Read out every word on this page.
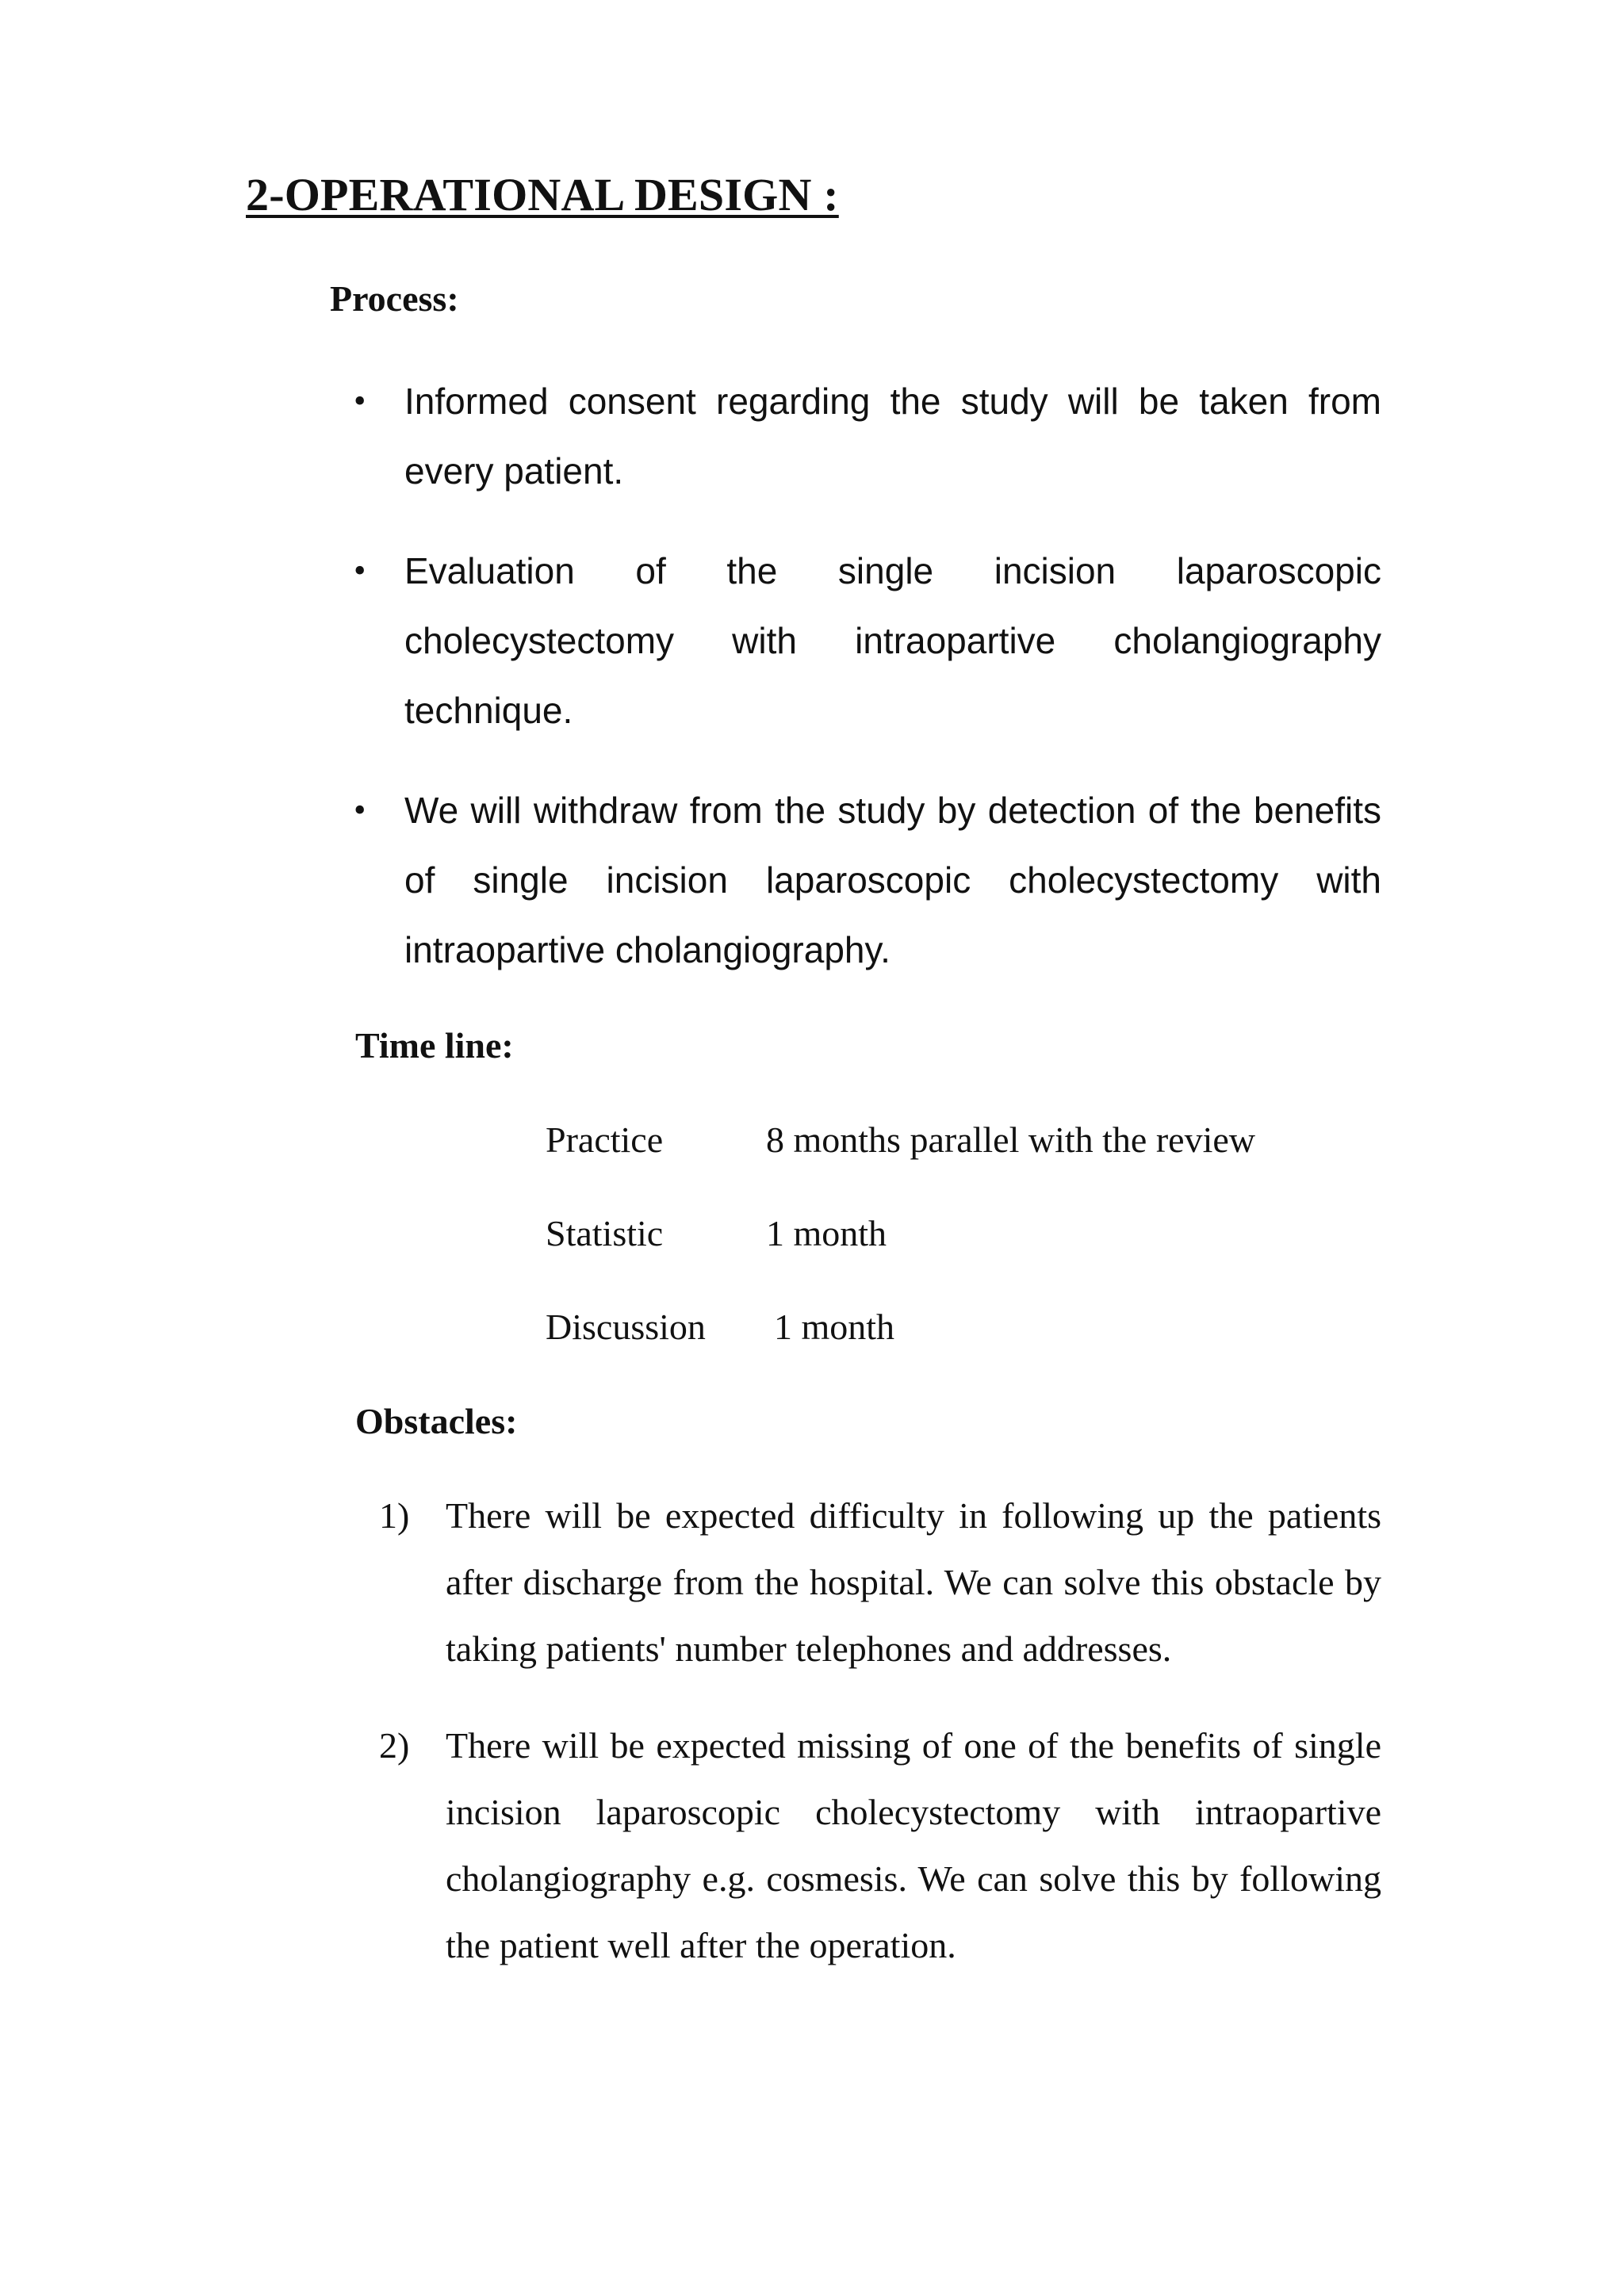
2-OPERATIONAL DESIGN :
Process:
• Informed consent regarding the study will be taken from every patient.
• Evaluation of the single incision laparoscopic cholecystectomy with intraopartive cholangiography technique.
• We will withdraw from the study by detection of the benefits of single incision laparoscopic cholecystectomy with intraopartive cholangiography.
Time line:
Practice	8 months parallel with the review
Statistic	1 month
Discussion 1 month
Obstacles:
1) There will be expected difficulty in following up the patients after discharge from the hospital. We can solve this obstacle by taking patients' number telephones and addresses.
2) There will be expected missing of one of the benefits of single incision laparoscopic cholecystectomy with intraopartive cholangiography e.g. cosmesis. We can solve this by following the patient well after the operation.
